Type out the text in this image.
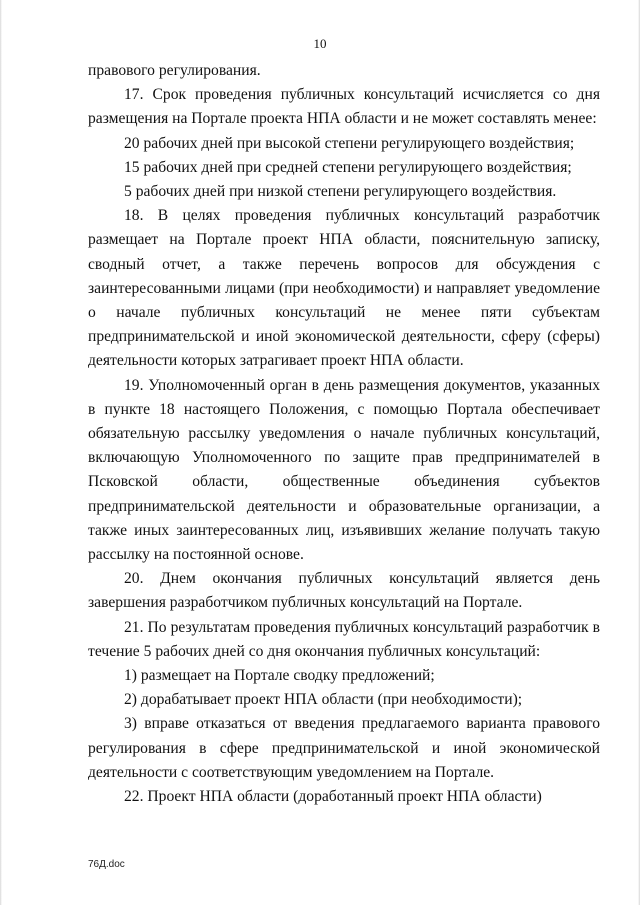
10

правового регулирования.

17. Срок проведения публичных консультаций исчисляется со дня размещения на Портале проекта НПА области и не может составлять менее:

20 рабочих дней при высокой степени регулирующего воздействия;

15 рабочих дней при средней степени регулирующего воздействия;

5 рабочих дней при низкой степени регулирующего воздействия.

18. В целях проведения публичных консультаций разработчик размещает на Портале проект НПА области, пояснительную записку, сводный отчет, а также перечень вопросов для обсуждения с заинтересованными лицами (при необходимости) и направляет уведомление о начале публичных консультаций не менее пяти субъектам предпринимательской и иной экономической деятельности, сферу (сферы) деятельности которых затрагивает проект НПА области.

19. Уполномоченный орган в день размещения документов, указанных в пункте 18 настоящего Положения, с помощью Портала обеспечивает обязательную рассылку уведомления о начале публичных консультаций, включающую Уполномоченного по защите прав предпринимателей в Псковской области, общественные объединения субъектов предпринимательской деятельности и образовательные организации, а также иных заинтересованных лиц, изъявивших желание получать такую рассылку на постоянной основе.

20. Днем окончания публичных консультаций является день завершения разработчиком публичных консультаций на Портале.

21. По результатам проведения публичных консультаций разработчик в течение 5 рабочих дней со дня окончания публичных консультаций:

1) размещает на Портале сводку предложений;

2) дорабатывает проект НПА области (при необходимости);

3) вправе отказаться от введения предлагаемого варианта правового регулирования в сфере предпринимательской и иной экономической деятельности с соответствующим уведомлением на Портале.

22. Проект НПА области (доработанный проект НПА области)

76Д.doc
